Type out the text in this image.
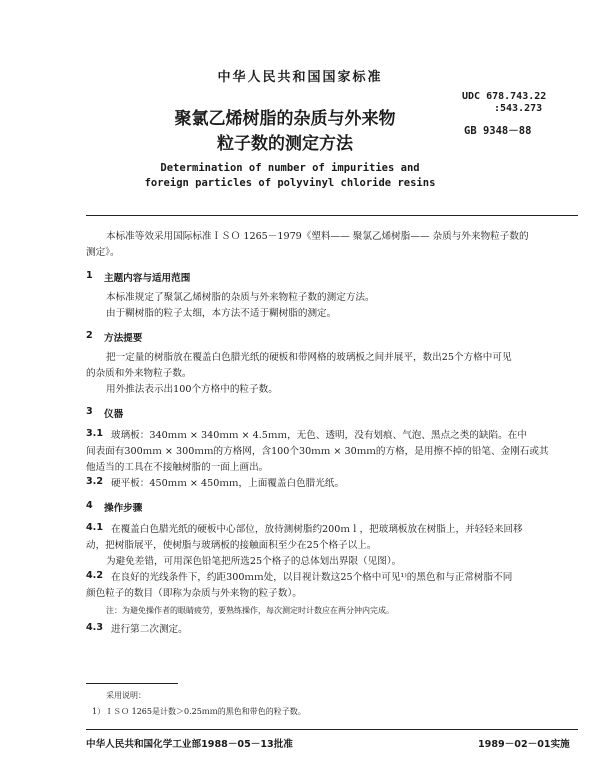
中华人民共和国国家标准
聚氯乙烯树脂的杂质与外来物
粒子数的测定方法
Determination of number of impurities and
foreign particles of polyvinyl chloride resins
UDC 678.743.22
:543.273
GB 9348－88
本标准等效采用国际标准ＩＳＯ 1265－1979《塑料—— 聚氯乙烯树脂—— 杂质与外来物粒子数的
测定》。
1 主题内容与适用范围
本标准规定了聚氯乙烯树脂的杂质与外来物粒子数的测定方法。
由于糊树脂的粒子太细，本方法不适于糊树脂的测定。
2 方法提要
把一定量的树脂放在覆盖白色腊光纸的硬板和带网格的玻璃板之间并展平，数出25个方格中可见
的杂质和外来物粒子数。
用外推法表示出100个方格中的粒子数。
3 仪器
3.1 玻璃板：340ｍｍ × 340ｍｍ × 4.5ｍｍ，无色、透明，没有划痕、气泡、黑点之类的缺陷。在中
间表面有300ｍｍ × 300ｍｍ的方格网，含100个30ｍｍ × 30ｍｍ的方格，是用擦不掉的铅笔、金刚石或其
他适当的工具在不接触树脂的一面上画出。
3.2 硬平板：450ｍｍ × 450ｍｍ，上面覆盖白色腊光纸。
4 操作步骤
4.1 在覆盖白色腊光纸的硬板中心部位，放待测树脂约200ｍｌ，把玻璃板放在树脂上，并轻轻来回移
动，把树脂展平，使树脂与玻璃板的接触面积至少在25个格子以上。
为避免差错，可用深色铅笔把所选25个格子的总体划出界限（见图）。
4.2 在良好的光线条件下，约距300ｍｍ处，以目视计数这25个格中可见¹⁾的黑色和与正常树脂不同
颜色粒子的数目（即称为杂质与外来物的粒子数）。
注：为避免操作者的眼睛疲劳，要熟练操作，每次测定时计数应在两分钟内完成。
4.3 进行第二次测定。
采用说明：
1）ＩＳＯ 1265是计数＞0.25ｍｍ的黑色和带色的粒子数。
中华人民共和国化学工业部1988－05－13批准	1989－02－01实施
